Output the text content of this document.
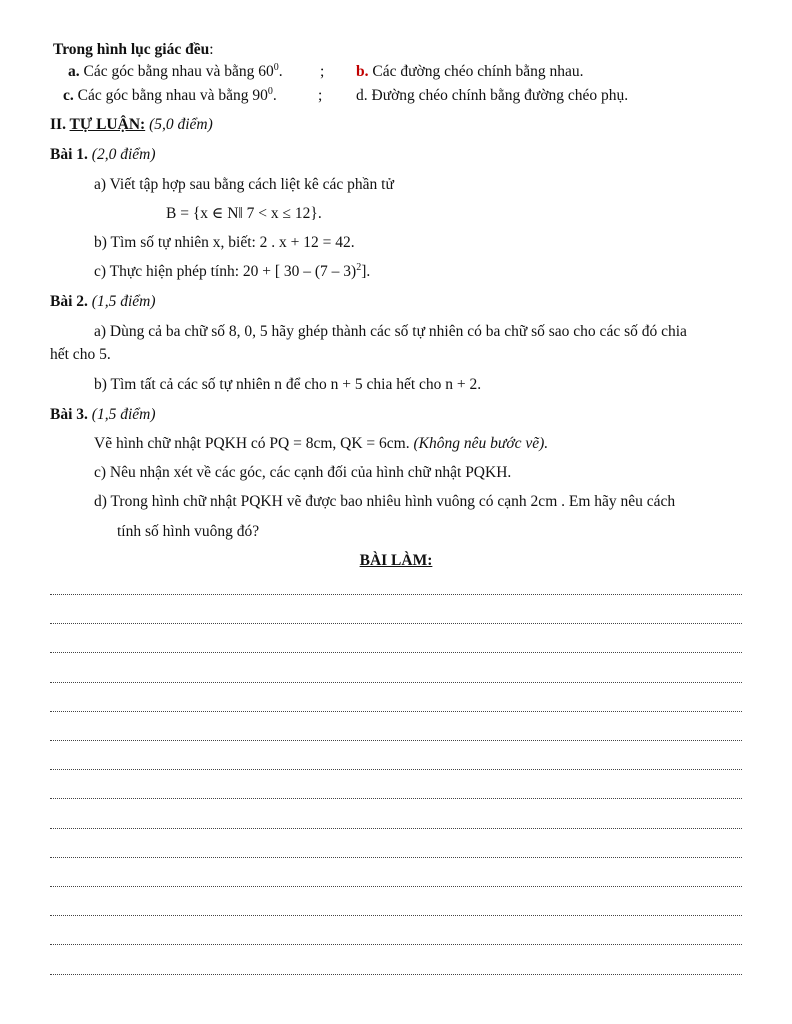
Trong hình lục giác đều:
a. Các góc bằng nhau và bằng $60^0$. ; b. Các đường chéo chính bằng nhau.
c. Các góc bằng nhau và bằng $90^0$.	; d. Đường chéo chính bằng đường chéo phụ.
II. TỰ LUẬN: (5,0 điểm)
Bài 1. (2,0 điểm)
a) Viết tập hợp sau bằng cách liệt kê các phần tử
B = {x ∈ N‖ 7 < x ≤ 12}.
b) Tìm số tự nhiên x, biết: 2 . x + 12 = 42.
c) Thực hiện phép tính: 20 + [ 30 – (7 – 3)$^2$].
Bài 2. (1,5 điểm)
a) Dùng cả ba chữ số 8, 0, 5 hãy ghép thành các số tự nhiên có ba chữ số sao cho các số đó chia
hết cho 5.
b) Tìm tất cả các số tự nhiên n để cho n + 5 chia hết cho n + 2.
Bài 3. (1,5 điểm)
Vẽ hình chữ nhật PQKH có PQ = 8cm, QK = 6cm. (Không nêu bước vẽ).
c) Nêu nhận xét về các góc, các cạnh đối của hình chữ nhật PQKH.
d) Trong hình chữ nhật PQKH vẽ được bao nhiêu hình vuông có cạnh 2cm . Em hãy nêu cách
tính số hình vuông đó?
BÀI LÀM:
